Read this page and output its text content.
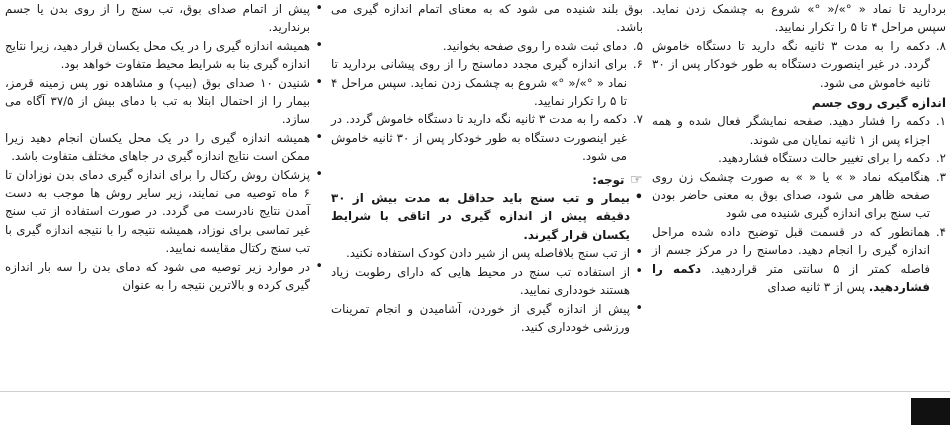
برداريد تا نماد « °»/« °» شروع به چشمک زدن نمايد. سپس مراحل ۴ تا ۵ را تکرار نماييد.

۸.
دکمه را به مدت ۳ ثانيه نگه داريد تا دستگاه خاموش گردد. در غير اينصورت دستگاه به طور خودکار پس از ۳۰ ثانيه خاموش می شود.

اندازه گيری روی جسم

۱.
دکمه را فشار دهيد. صفحه نمايشگر فعال شده و همه اجزاء پس از ۱ ثانيه نمايان می شوند.
۲.
دکمه را برای تغيير حالت دستگاه فشاردهيد.
۳.
هنگاميکه نماد « » يا « » به صورت چشمک زن روی صفحه ظاهر می شود، صدای بوق به معنی حاضر بودن تب سنج برای اندازه گيری شنيده می شود
۴.
همانطور که در قسمت قبل توضيح داده شده مراحل اندازه گيری را انجام دهيد. دماسنج را در مرکز جسم از فاصله کمتر از ۵ سانتی متر قراردهيد. دکمه را فشاردهيد. پس از ۳ ثانيه صدای

بوق بلند شنيده می شود که به معنای اتمام اندازه گيری می باشد.

۵.
دمای ثبت شده را روی صفحه بخوانيد.
۶.
برای اندازه گيری مجدد دماسنج را از روی پيشانی برداريد تا نماد « °»/« °» شروع به چشمک زدن نمايد. سپس مراحل ۴ تا ۵ را تکرار نماييد.
۷.
دکمه را به مدت ۳ ثانيه نگه داريد تا دستگاه خاموش گردد. در غير اينصورت دستگاه به طور خودکار پس از ۳۰ ثانيه خاموش می شود.
☜
توجه:
•
بيمار و تب سنج بايد حداقل به مدت بيش از ۳۰ دقيقه پيش از اندازه گيری در اتاقی با شرايط يکسان قرار گيرند.
•
از تب سنج بلافاصله پس از شير دادن کودک استفاده نکنيد.
•
از استفاده تب سنج در محيط هايی که دارای رطوبت زياد هستند خودداری نماييد.
•
پيش از اندازه گيری از خوردن، آشاميدن و انجام تمرينات ورزشی خودداری کنيد.
•
پيش از اتمام صدای بوق، تب سنج را از روی بدن يا جسم برنداريد.
•
هميشه اندازه گيری را در يک محل يکسان قرار دهيد، زيرا نتايج اندازه گيری بنا به شرايط محيط متفاوت خواهد بود.
•
شنيدن ۱۰ صدای بوق (بيپ) و مشاهده نور پس زمينه قرمز، بيمار را از احتمال ابتلا به تب با دمای بيش از ۳۷/۵ آگاه می سازد.
•
هميشه اندازه گيری را در يک محل يکسان انجام دهيد زيرا ممکن است نتايج اندازه گيری در جاهای مختلف متفاوت باشد.
•
پزشکان روش رکتال را برای اندازه گيری دمای بدن نوزادان تا ۶ ماه توصيه می نمايند، زير ساير روش ها موجب به دست آمدن نتايج نادرست می گردد. در صورت استفاده از تب سنج غير تماسی برای نوزاد، هميشه نتيجه را با نتيجه اندازه گيری با تب سنج رکتال مقايسه نماييد.
•
در موارد زير توصيه می شود که دمای بدن را سه بار اندازه گيری کرده و بالاترين نتيجه را به عنوان
